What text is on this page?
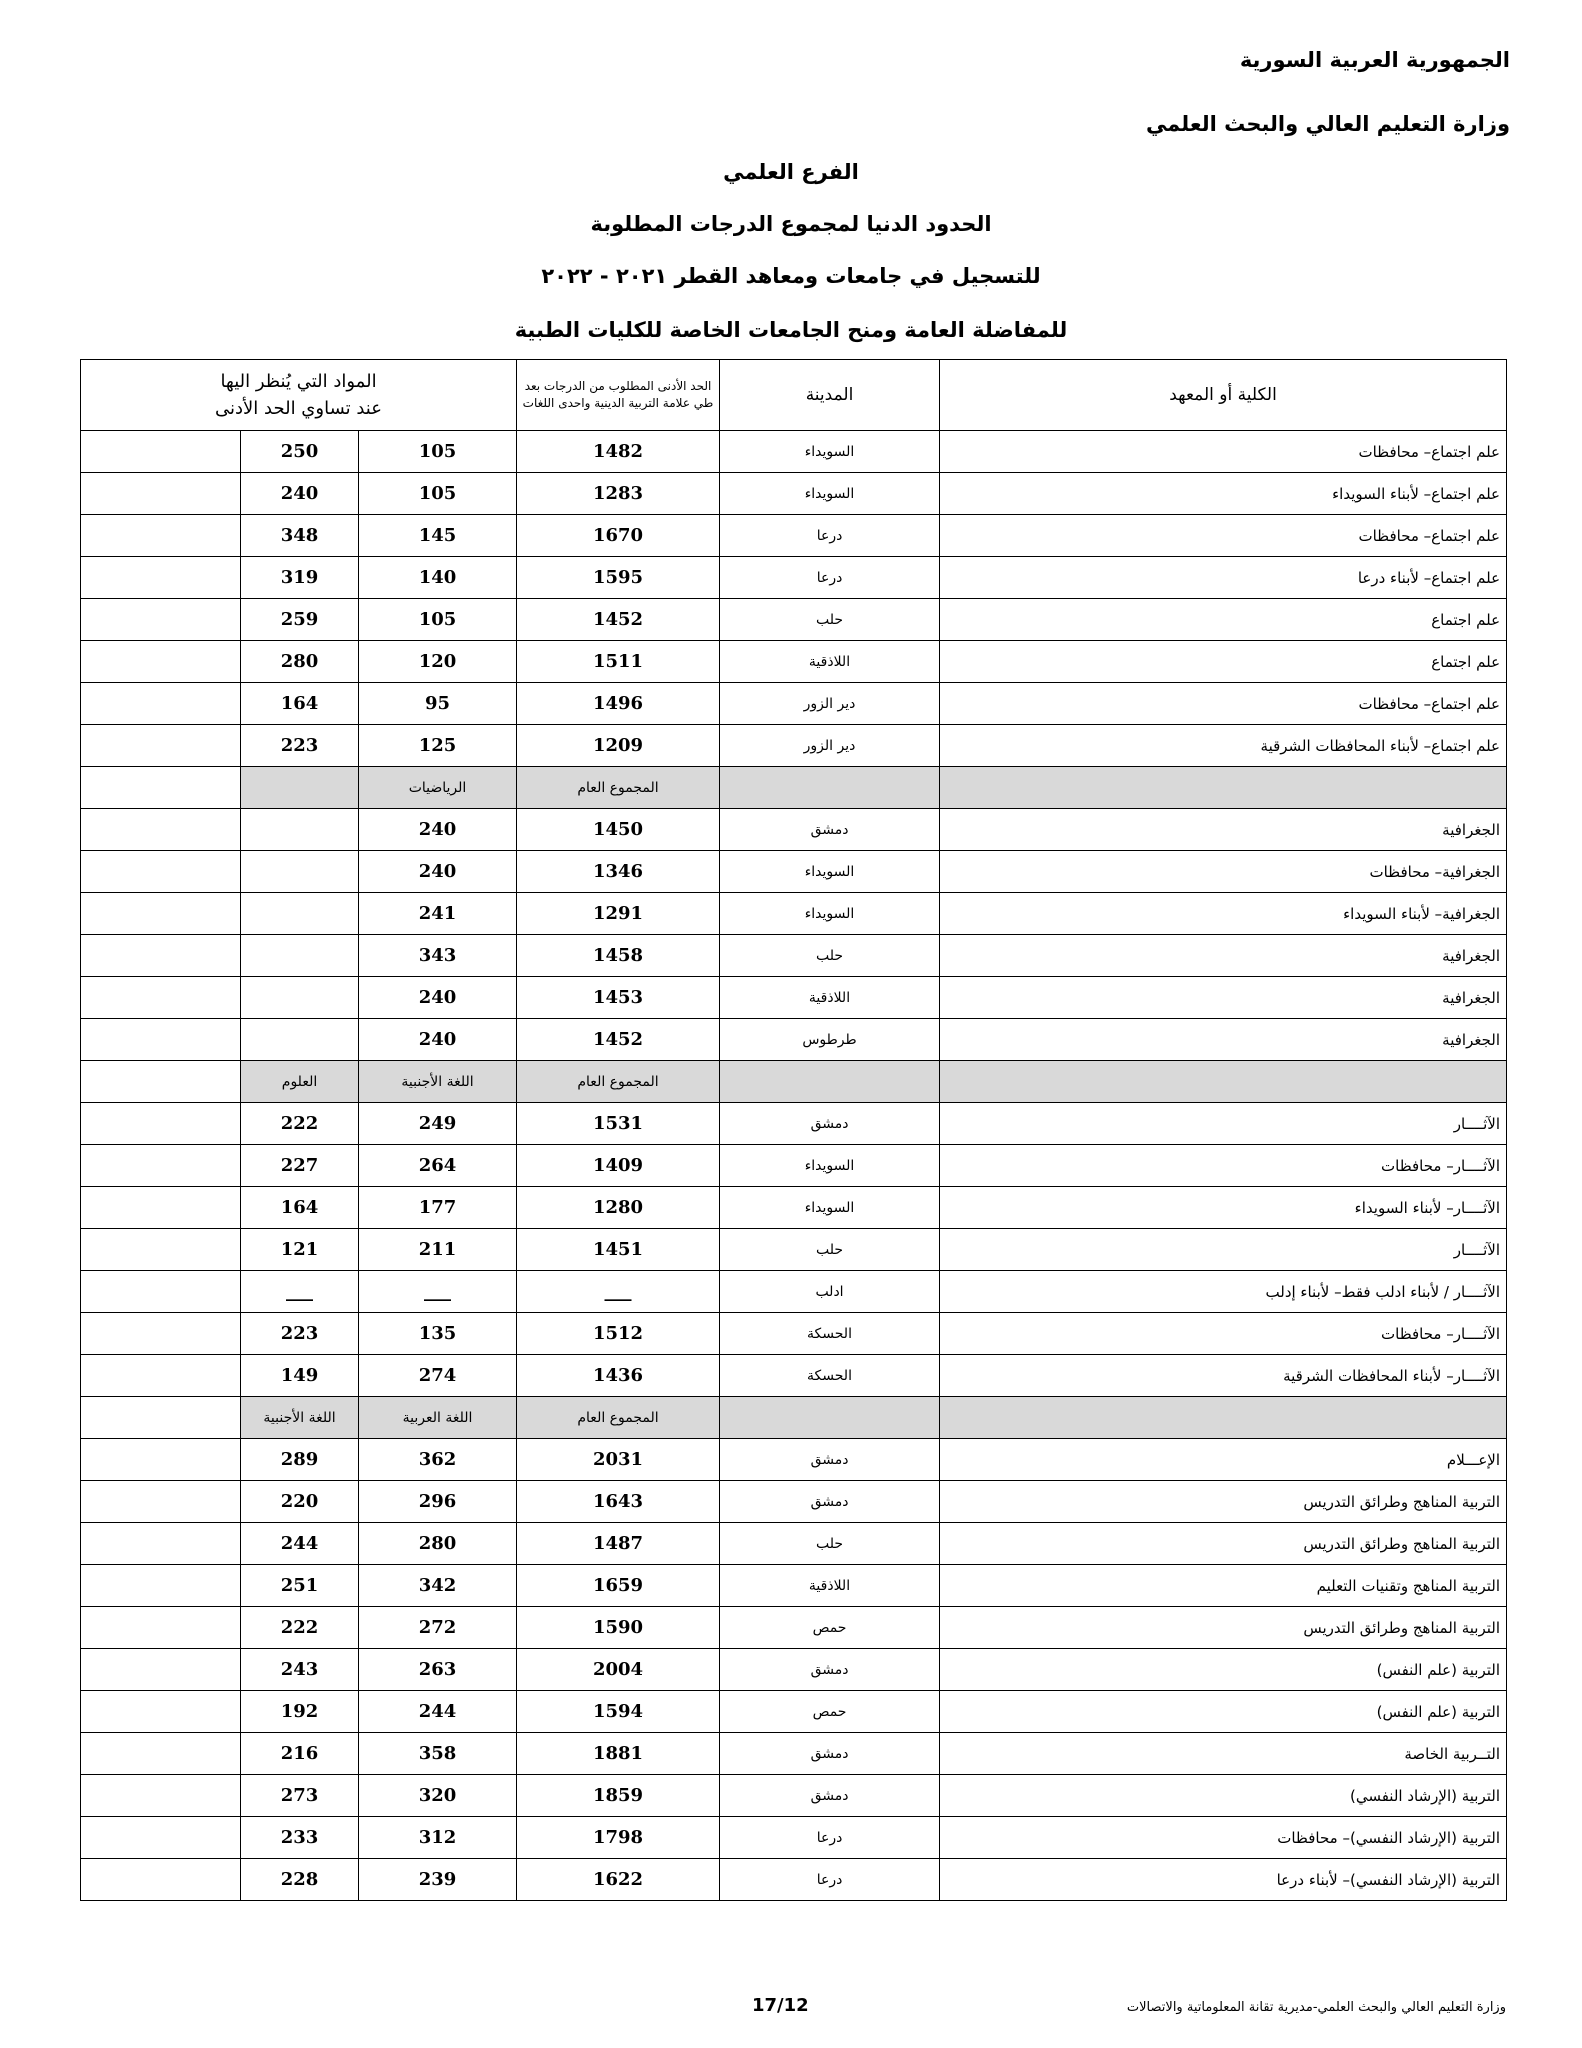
الجمهورية العربية السورية
وزارة التعليم العالي والبحث العلمي
الفرع العلمي
الحدود الدنيا لمجموع الدرجات المطلوبة
للتسجيل في جامعات ومعاهد القطر ٢٠٢١ - ٢٠٢٢
للمفاضلة العامة ومنح الجامعات الخاصة للكليات الطبية
الكلية أو المعهد	المدينة	الحد الأدنى المطلوب من الدرجات بعد طي علامة التربية الدينية واحدى اللغات	المواد التي يُنظر اليها
عند تساوي الحد الأدنى		

علم اجتماع– محافظات	السويداء	1482	105	250	
علم اجتماع– لأبناء السويداء	السويداء	1283	105	240	
علم اجتماع– محافظات	درعا	1670	145	348	
علم اجتماع– لأبناء درعا	درعا	1595	140	319	
علم اجتماع	حلب	1452	105	259	
علم اجتماع	اللاذقية	1511	120	280	
علم اجتماع– محافظات	دير الزور	1496	95	164	
علم اجتماع– لأبناء المحافظات الشرقية	دير الزور	1209	125	223	
		المجموع العام	الرياضيات		
الجغرافية	دمشق	1450	240		
الجغرافية– محافظات	السويداء	1346	240		
الجغرافية– لأبناء السويداء	السويداء	1291	241		
الجغرافية	حلب	1458	343		
الجغرافية	اللاذقية	1453	240		
الجغرافية	طرطوس	1452	240		
		المجموع العام	اللغة الأجنبية	العلوم	
الآثــــار	دمشق	1531	249	222	
الآثــــار– محافظات	السويداء	1409	264	227	
الآثــــار– لأبناء السويداء	السويداء	1280	177	164	
الآثــــار	حلب	1451	211	121	
الآثــــار / لأبناء ادلب فقط– لأبناء إدلب	ادلب	___	___	___	
الآثــــار– محافظات	الحسكة	1512	135	223	
الآثــــار– لأبناء المحافظات الشرقية	الحسكة	1436	274	149	
		المجموع العام	اللغة العربية	اللغة الأجنبية	
الإعـــلام	دمشق	2031	362	289	
التربية المناهج وطرائق التدريس	دمشق	1643	296	220	
التربية المناهج وطرائق التدريس	حلب	1487	280	244	
التربية المناهج وتقنيات التعليم	اللاذقية	1659	342	251	
التربية المناهج وطرائق التدريس	حمص	1590	272	222	
التربية (علم النفس)	دمشق	2004	263	243	
التربية (علم النفس)	حمص	1594	244	192	
التــربية الخاصة	دمشق	1881	358	216	
التربية (الإرشاد النفسي)	دمشق	1859	320	273	
التربية (الإرشاد النفسي)– محافظات	درعا	1798	312	233	
التربية (الإرشاد النفسي)– لأبناء درعا	درعا	1622	239	228	
17/12	وزارة التعليم العالي والبحث العلمي-مديرية تقانة المعلوماتية والاتصالات
